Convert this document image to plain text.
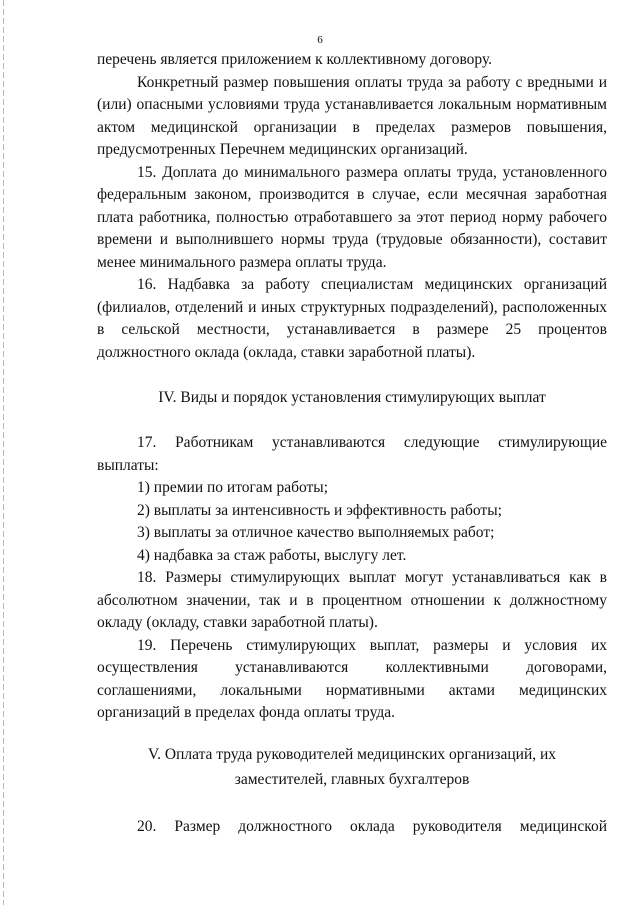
6

перечень является приложением к коллективному договору.

Конкретный размер повышения оплаты труда за работу с вредными и (или) опасными условиями труда устанавливается локальным нормативным актом медицинской организации в пределах размеров повышения, предусмотренных Перечнем медицинских организаций.

15. Доплата до минимального размера оплаты труда, установленного федеральным законом, производится в случае, если месячная заработная плата работника, полностью отработавшего за этот период норму рабочего времени и выполнившего нормы труда (трудовые обязанности), составит менее минимального размера оплаты труда.

16. Надбавка за работу специалистам медицинских организаций (филиалов, отделений и иных структурных подразделений), расположенных в сельской местности, устанавливается в размере 25 процентов должностного оклада (оклада, ставки заработной платы).

IV. Виды и порядок установления стимулирующих выплат

17. Работникам устанавливаются следующие стимулирующие выплаты:

1) премии по итогам работы;
2) выплаты за интенсивность и эффективность работы;
3) выплаты за отличное качество выполняемых работ;
4) надбавка за стаж работы, выслугу лет.

18. Размеры стимулирующих выплат могут устанавливаться как в абсолютном значении, так и в процентном отношении к должностному окладу (окладу, ставки заработной платы).

19. Перечень стимулирующих выплат, размеры и условия их осуществления устанавливаются коллективными договорами, соглашениями, локальными нормативными актами медицинских организаций в пределах фонда оплаты труда.

V. Оплата труда руководителей медицинских организаций, их

заместителей, главных бухгалтеров

20. Размер должностного оклада руководителя медицинской
